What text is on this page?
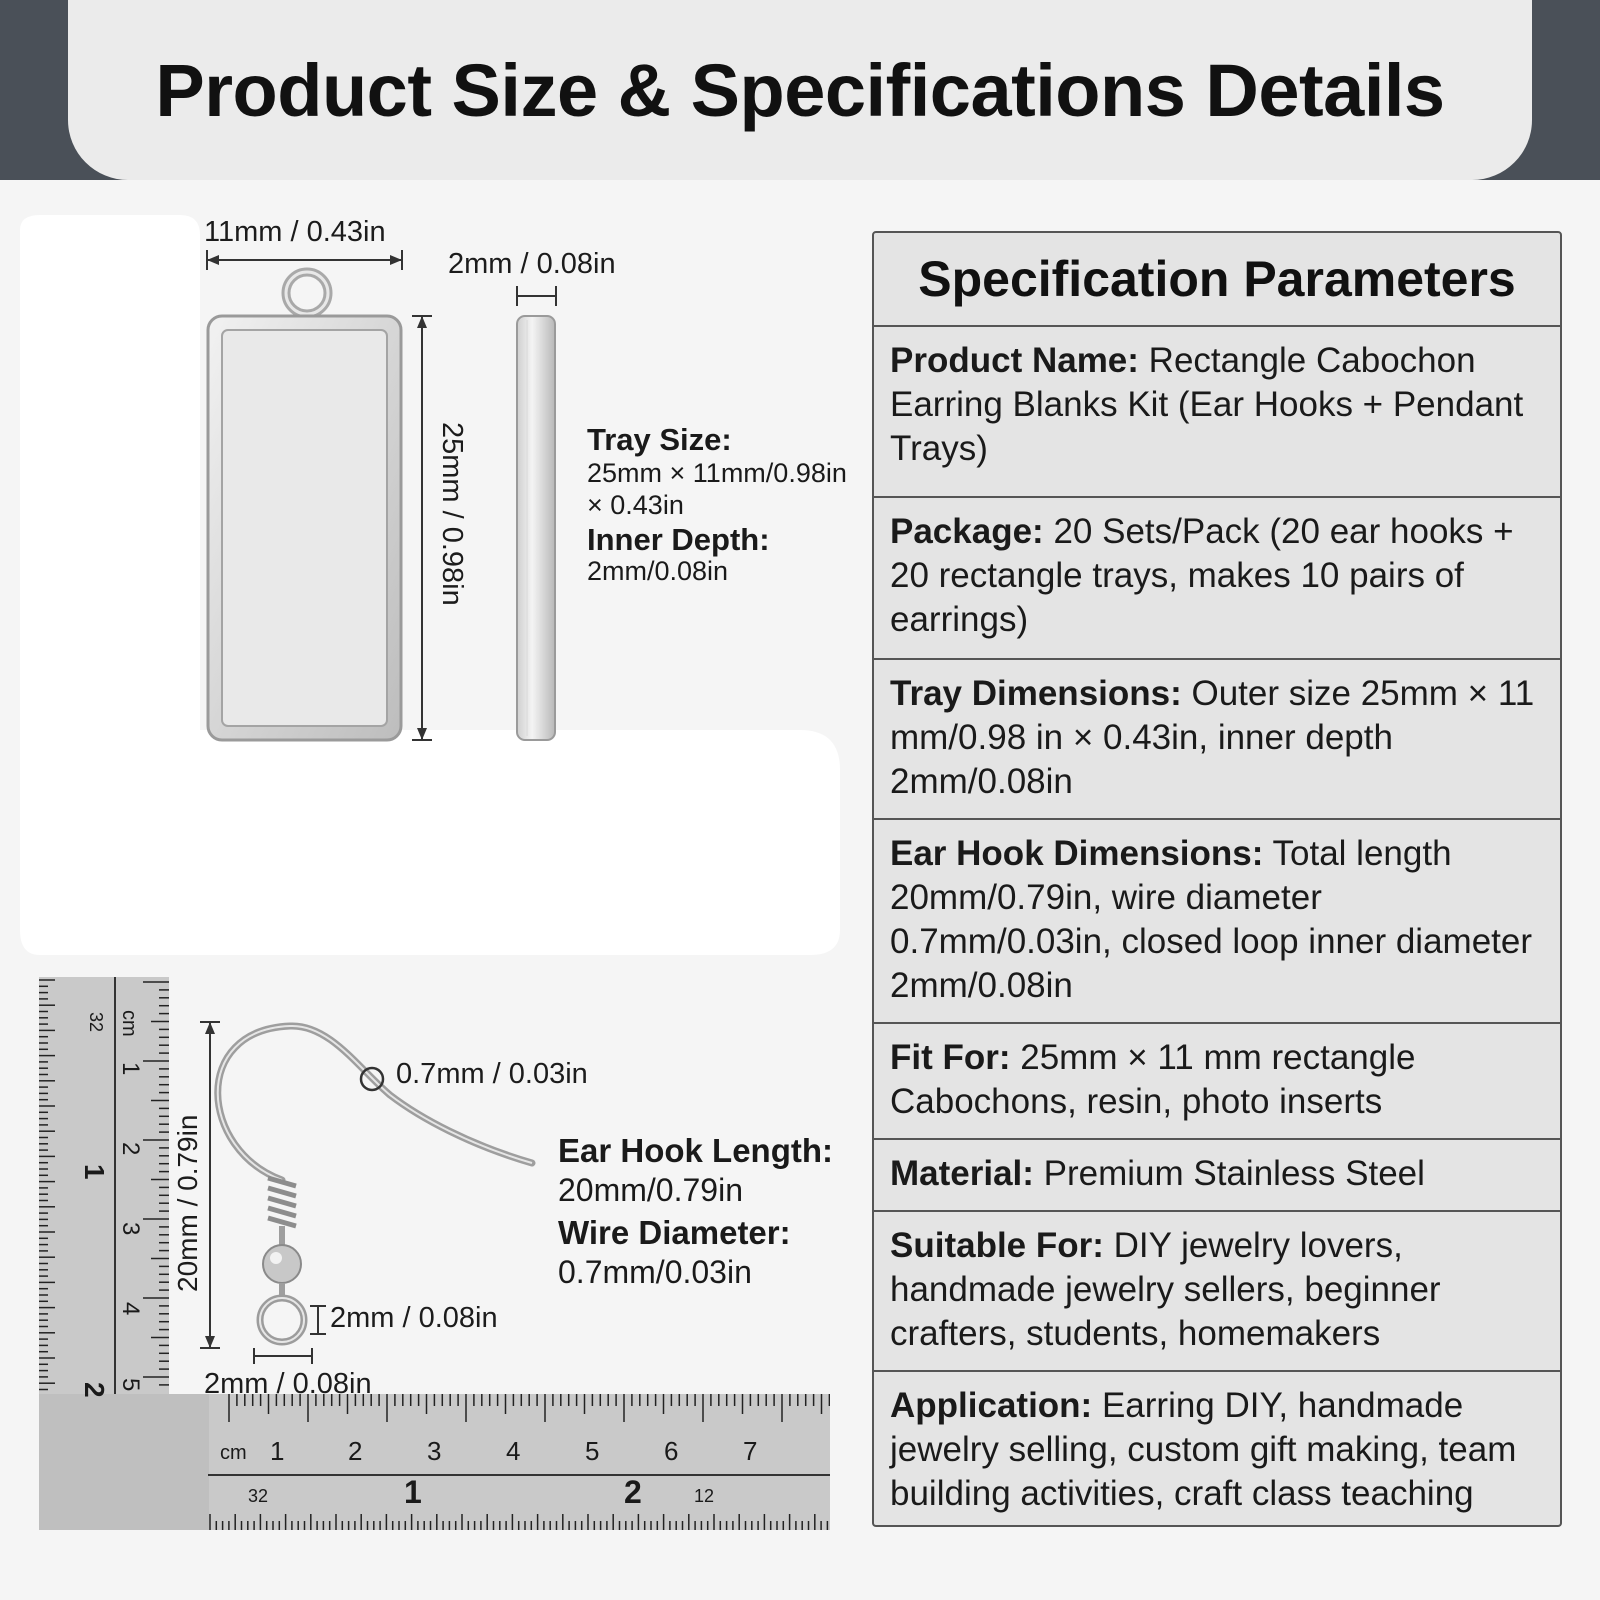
Product Size & Specifications Details
11mm / 0.43in
2mm / 0.08in
25mm / 0.98in	Tray Size:
25mm × 11mm/0.98in
× 0.43in
Inner Depth:
2mm/0.08in
cm 1 2 3 4 5 6 7
32	1	2	12
cm
1
2
3
4
5
1
2
32
20mm / 0.79in
0.7mm / 0.03in
2mm / 0.08in
2mm / 0.08in
Ear Hook Length:
20mm/0.79in
Wire Diameter:
0.7mm/0.03in
Specification Parameters
Product Name: Rectangle Cabochon Earring Blanks Kit (Ear Hooks + Pendant Trays)
Package: 20 Sets/Pack (20 ear hooks + 20 rectangle trays, makes 10 pairs of earrings)
Tray Dimensions: Outer size 25mm × 11 mm/0.98 in × 0.43in, inner depth 2mm/0.08in
Ear Hook Dimensions: Total length 20mm/0.79in, wire diameter 0.7mm/0.03in, closed loop inner diameter 2mm/0.08in
Fit For: 25mm × 11 mm rectangle Cabochons, resin, photo inserts
Material: Premium Stainless Steel
Suitable For: DIY jewelry lovers, handmade jewelry sellers, beginner crafters, students, homemakers
Application: Earring DIY, handmade jewelry selling, custom gift making, team building activities, craft class teaching
